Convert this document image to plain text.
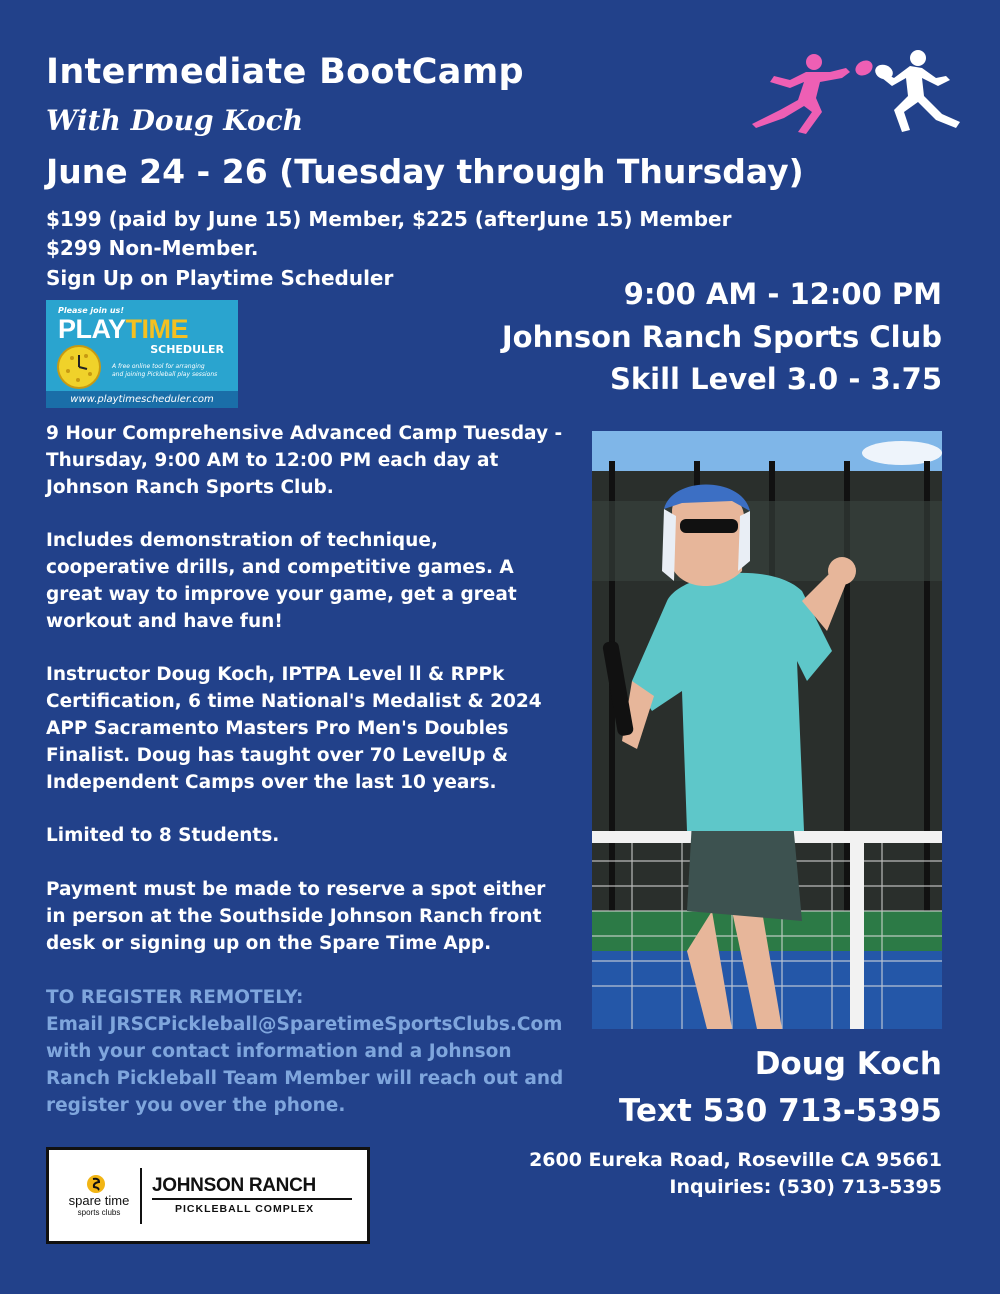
Intermediate BootCamp
With Doug Koch
June 24 - 26 (Tuesday through Thursday)
$199 (paid by June 15) Member, $225 (afterJune 15) Member
$299 Non-Member.
Sign Up on Playtime Scheduler
Please join us!
PLAYTIME
SCHEDULER
A free online tool for arranging
and joining Pickleball play sessions
www.playtimescheduler.com
9:00 AM - 12:00 PM
Johnson Ranch Sports Club
Skill Level 3.0 - 3.75

9 Hour Comprehensive Advanced Camp Tuesday - Thursday, 9:00 AM to 12:00 PM each day at Johnson Ranch Sports Club.

Includes demonstration of technique, cooperative drills, and competitive games. A great way to improve your game, get a great workout and have fun!

Instructor Doug Koch, IPTPA Level ll & RPPk Certification, 6 time National's Medalist & 2024 APP Sacramento Masters Pro Men's Doubles Finalist. Doug has taught over 70 LevelUp & Independent Camps over the last 10 years.

Limited to 8 Students.

Payment must be made to reserve a spot either in person at the Southside Johnson Ranch front desk or signing up on the Spare Time App.

TO REGISTER REMOTELY:

Email JRSCPickleball@SparetimeSportsClubs.Com with your contact information and a Johnson Ranch Pickleball Team Member will reach out and register you over the phone.

Doug Koch
Text 530 713-5395
2600 Eureka Road, Roseville CA 95661
Inquiries: (530) 713-5395
spare time
sports clubs
JOHNSON RANCH
PICKLEBALL COMPLEX
